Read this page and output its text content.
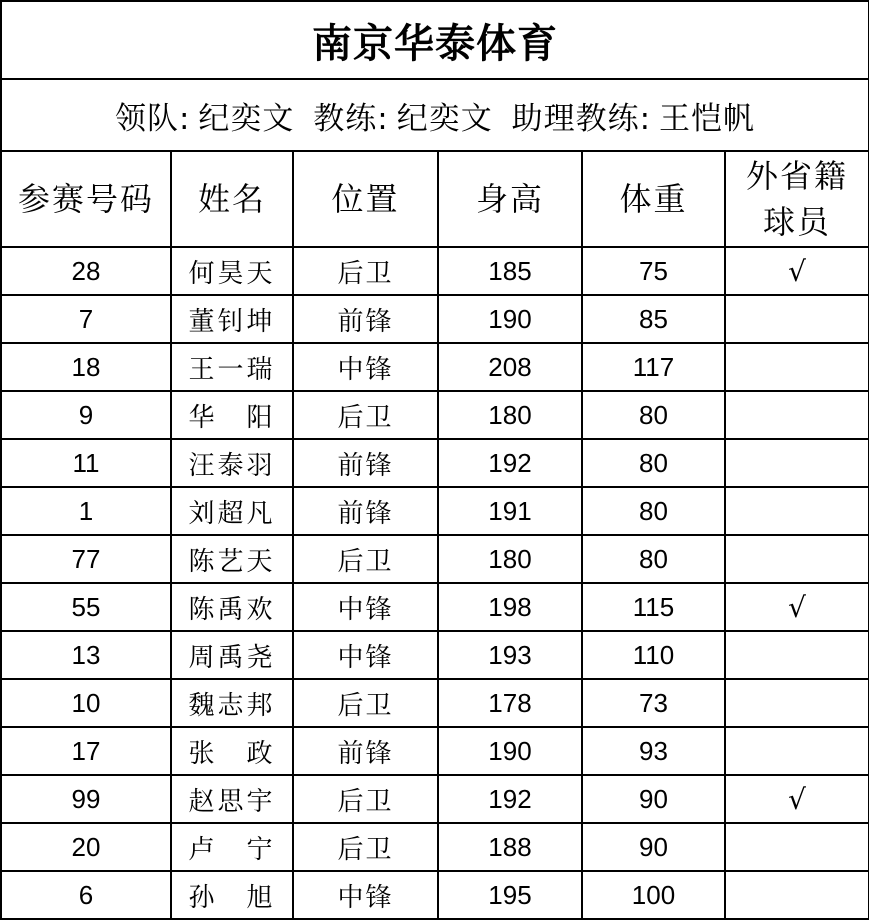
南京华泰体育					
领队: 纪奕文 教练: 纪奕文 助理教练: 王恺帆					
参赛号码	姓名	位置	身高	体重	外省籍
球员

28	何昊天	后卫	185	75	√
7	董钊坤	前锋	190	85	
18	王一瑞	中锋	208	117	
9	华　阳	后卫	180	80	
11	汪泰羽	前锋	192	80	
1	刘超凡	前锋	191	80	
77	陈艺天	后卫	180	80	
55	陈禹欢	中锋	198	115	√
13	周禹尧	中锋	193	110	
10	魏志邦	后卫	178	73	
17	张　政	前锋	190	93	
99	赵思宇	后卫	192	90	√
20	卢　宁	后卫	188	90	
6	孙　旭	中锋	195	100	
